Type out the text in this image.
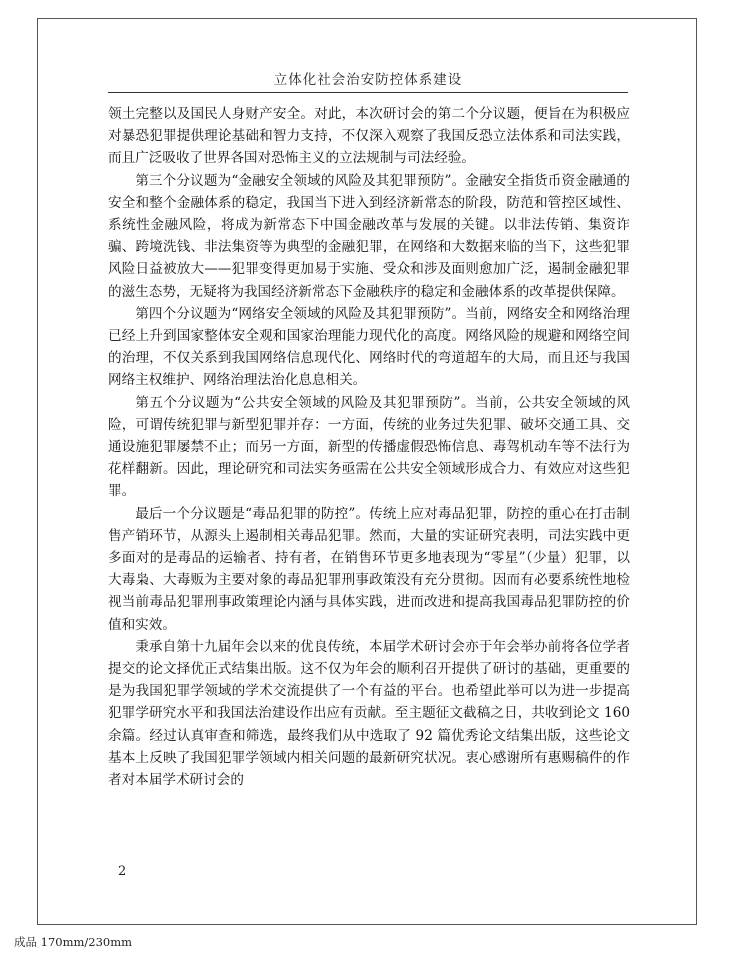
立体化社会治安防控体系建设

领土完整以及国民人身财产安全。对此，本次研讨会的第二个分议题，便旨在为积极应对暴恐犯罪提供理论基础和智力支持，不仅深入观察了我国反恐立法体系和司法实践，而且广泛吸收了世界各国对恐怖主义的立法规制与司法经验。

第三个分议题为“金融安全领域的风险及其犯罪预防”。金融安全指货币资金融通的安全和整个金融体系的稳定，我国当下进入到经济新常态的阶段，防范和管控区域性、系统性金融风险，将成为新常态下中国金融改革与发展的关键。以非法传销、集资诈骗、跨境洗钱、非法集资等为典型的金融犯罪，在网络和大数据来临的当下，这些犯罪风险日益被放大——犯罪变得更加易于实施、受众和涉及面则愈加广泛，遏制金融犯罪的滋生态势，无疑将为我国经济新常态下金融秩序的稳定和金融体系的改革提供保障。

第四个分议题为“网络安全领域的风险及其犯罪预防”。当前，网络安全和网络治理已经上升到国家整体安全观和国家治理能力现代化的高度。网络风险的规避和网络空间的治理，不仅关系到我国网络信息现代化、网络时代的弯道超车的大局，而且还与我国网络主权维护、网络治理法治化息息相关。

第五个分议题为“公共安全领域的风险及其犯罪预防”。当前，公共安全领域的风险，可谓传统犯罪与新型犯罪并存：一方面，传统的业务过失犯罪、破坏交通工具、交通设施犯罪屡禁不止；而另一方面，新型的传播虚假恐怖信息、毒驾机动车等不法行为花样翻新。因此，理论研究和司法实务亟需在公共安全领域形成合力、有效应对这些犯罪。

最后一个分议题是“毒品犯罪的防控”。传统上应对毒品犯罪，防控的重心在打击制售产销环节，从源头上遏制相关毒品犯罪。然而，大量的实证研究表明，司法实践中更多面对的是毒品的运输者、持有者，在销售环节更多地表现为“零星”（少量）犯罪，以大毒枭、大毒贩为主要对象的毒品犯罪刑事政策没有充分贯彻。因而有必要系统性地检视当前毒品犯罪刑事政策理论内涵与具体实践，进而改进和提高我国毒品犯罪防控的价值和实效。

秉承自第十九届年会以来的优良传统，本届学术研讨会亦于年会举办前将各位学者提交的论文择优正式结集出版。这不仅为年会的顺利召开提供了研讨的基础，更重要的是为我国犯罪学领域的学术交流提供了一个有益的平台。也希望此举可以为进一步提高犯罪学研究水平和我国法治建设作出应有贡献。至主题征文截稿之日，共收到论文 160 余篇。经过认真审查和筛选，最终我们从中选取了 92 篇优秀论文结集出版，这些论文基本上反映了我国犯罪学领域内相关问题的最新研究状况。衷心感谢所有惠赐稿件的作者对本届学术研讨会的

2
成品 170mm/230mm
